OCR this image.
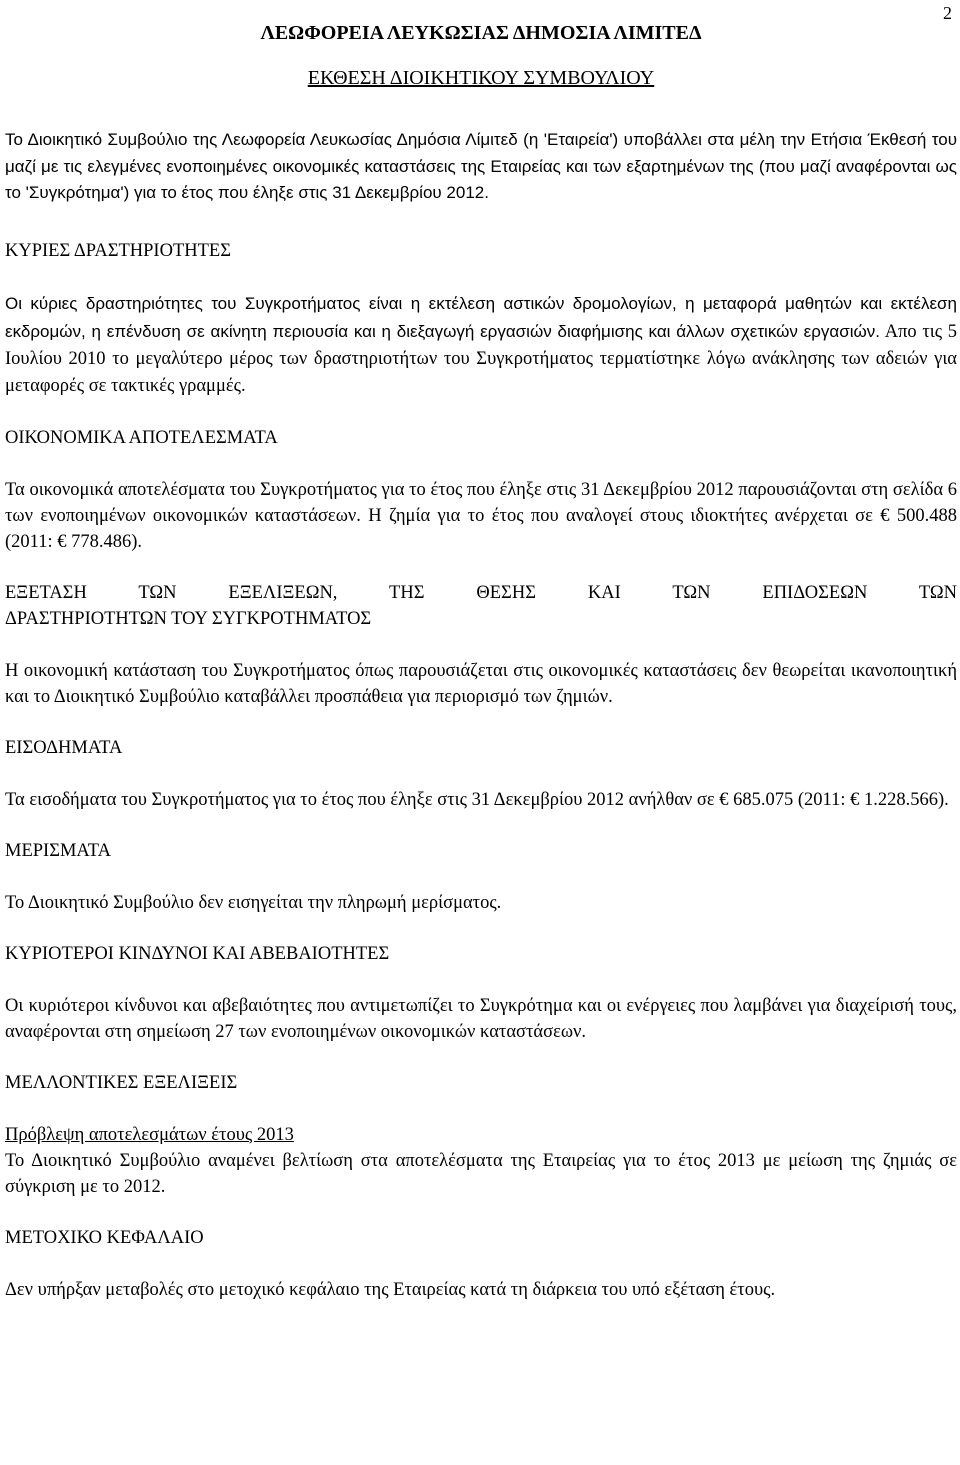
2
ΛΕΩΦΟΡΕΙΑ ΛΕΥΚΩΣΙΑΣ ΔΗΜΟΣΙΑ ΛΙΜΙΤΕΔ
ΕΚΘΕΣΗ ΔΙΟΙΚΗΤΙΚΟΥ ΣΥΜΒΟΥΛΙΟΥ

Το Διοικητικό Συμβούλιο της Λεωφορεία Λευκωσίας Δημόσια Λίμιτεδ (η 'Εταιρεία') υποβάλλει στα μέλη την Ετήσια Έκθεσή του μαζί με τις ελεγμένες ενοποιημένες οικονομικές καταστάσεις της Εταιρείας και των εξαρτημένων της (που μαζί αναφέρονται ως το 'Συγκρότημα') για το έτος που έληξε στις 31 Δεκεμβρίου 2012.

ΚΥΡΙΕΣ ΔΡΑΣΤΗΡΙΟΤΗΤΕΣ

Οι κύριες δραστηριότητες του Συγκροτήματος είναι η εκτέλεση αστικών δρομολογίων, η μεταφορά μαθητών και εκτέλεση εκδρομών, η επένδυση σε ακίνητη περιουσία και η διεξαγωγή εργασιών διαφήμισης και άλλων σχετικών εργασιών. Απο τις 5 Ιουλίου 2010 το μεγαλύτερο μέρος των δραστηριοτήτων του Συγκροτήματος τερματίστηκε λόγω ανάκλησης των αδειών για μεταφορές σε τακτικές γραμμές.

ΟΙΚΟΝΟΜΙΚΑ ΑΠΟΤΕΛΕΣΜΑΤΑ

Τα οικονομικά αποτελέσματα του Συγκροτήματος για το έτος που έληξε στις 31 Δεκεμβρίου 2012 παρουσιάζονται στη σελίδα 6 των ενοποιημένων οικονομικών καταστάσεων. Η ζημία για το έτος που αναλογεί στους ιδιοκτήτες ανέρχεται σε € 500.488 (2011: € 778.486).

ΕΞΕΤΑΣΗ ΤΩΝ ΕΞΕΛΙΞΕΩΝ, ΤΗΣ ΘΕΣΗΣ ΚΑΙ ΤΩΝ ΕΠΙΔΟΣΕΩΝ ΤΩΝ
ΔΡΑΣΤΗΡΙΟΤΗΤΩΝ ΤΟΥ ΣΥΓΚΡΟΤΗΜΑΤΟΣ

Η οικονομική κατάσταση του Συγκροτήματος όπως παρουσιάζεται στις οικονομικές καταστάσεις δεν θεωρείται ικανοποιητική και το Διοικητικό Συμβούλιο καταβάλλει προσπάθεια για περιορισμό των ζημιών.

ΕΙΣΟΔΗΜΑΤΑ

Τα εισοδήματα του Συγκροτήματος για το έτος που έληξε στις 31 Δεκεμβρίου 2012 ανήλθαν σε € 685.075 (2011: € 1.228.566).

ΜΕΡΙΣΜΑΤΑ

Το Διοικητικό Συμβούλιο δεν εισηγείται την πληρωμή μερίσματος.

ΚΥΡΙΟΤΕΡΟΙ ΚΙΝΔΥΝΟΙ ΚΑΙ ΑΒΕΒΑΙΟΤΗΤΕΣ

Οι κυριότεροι κίνδυνοι και αβεβαιότητες που αντιμετωπίζει το Συγκρότημα και οι ενέργειες που λαμβάνει για διαχείρισή τους, αναφέρονται στη σημείωση 27 των ενοποιημένων οικονομικών καταστάσεων.

ΜΕΛΛΟΝΤΙΚΕΣ ΕΞΕΛΙΞΕΙΣ
Πρόβλεψη αποτελεσμάτων έτους 2013

Το Διοικητικό Συμβούλιο αναμένει βελτίωση στα αποτελέσματα της Εταιρείας για το έτος 2013 με μείωση της ζημιάς σε σύγκριση με το 2012.

ΜΕΤΟΧΙΚΟ ΚΕΦΑΛΑΙΟ

Δεν υπήρξαν μεταβολές στο μετοχικό κεφάλαιο της Εταιρείας κατά τη διάρκεια του υπό εξέταση έτους.
